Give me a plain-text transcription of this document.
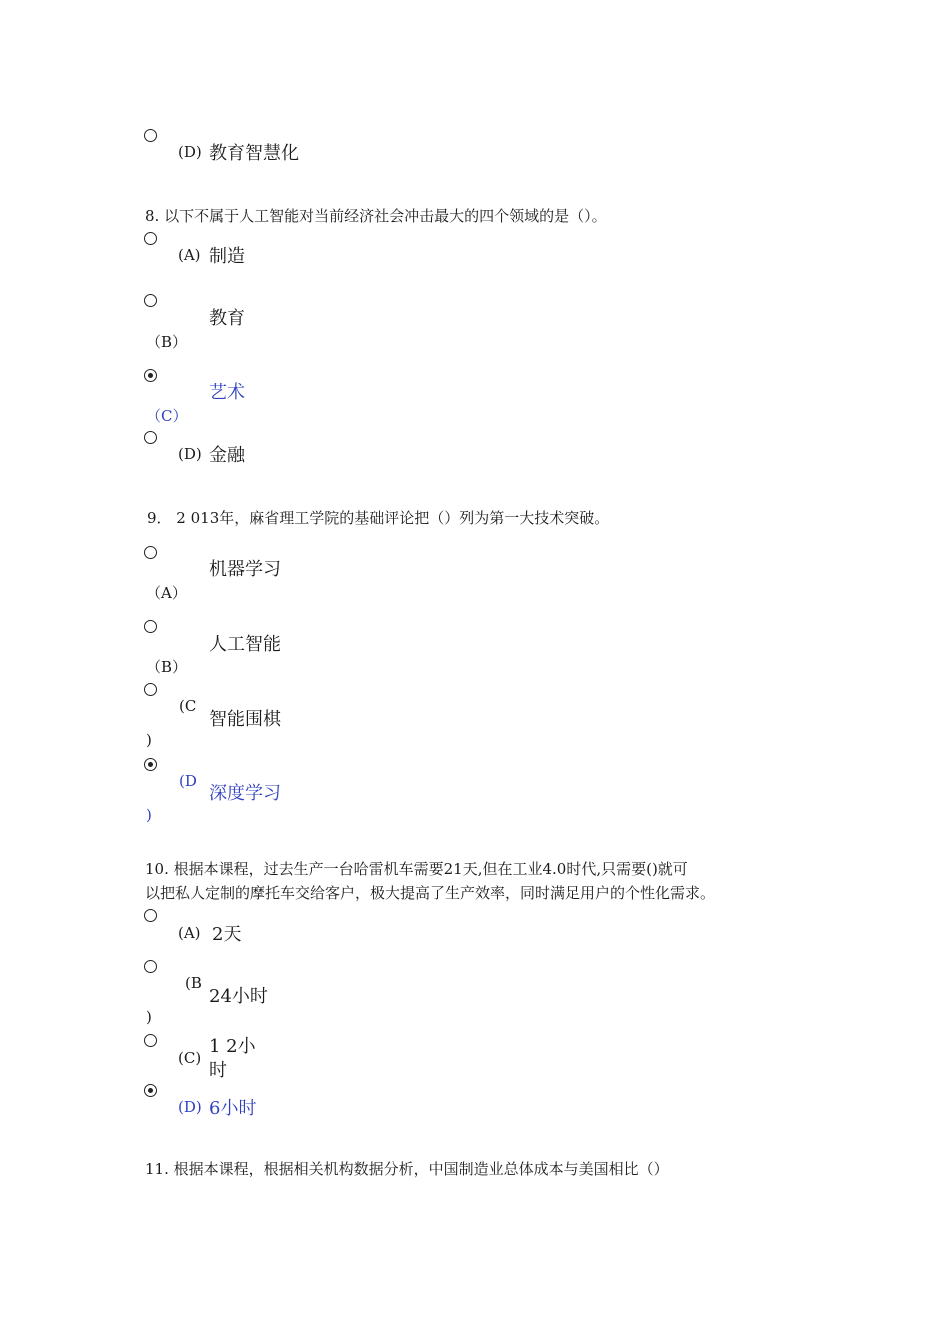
(D) 教育智慧化
8. 以下不属于人工智能对当前经济社会冲击最大的四个领域的是（）。
(A) 制造
教育
（B）
艺术
（C）
(D) 金融
9． 2 013年，麻省理工学院的基础评论把（）列为第一大技术突破。
机器学习
（A）
人工智能
（B）
(C
智能围棋
)
(D
深度学习
)
10. 根据本课程，过去生产一台哈雷机车需要21天,但在工业4.0时代,只需要()就可
以把私人定制的摩托车交给客户，极大提高了生产效率，同时满足用户的个性化需求。
(A) 2天
(B
24小时
)
(C)
1 2小
时
(D) 6小时
11. 根据本课程，根据相关机构数据分析，中国制造业总体成本与美国相比（）
